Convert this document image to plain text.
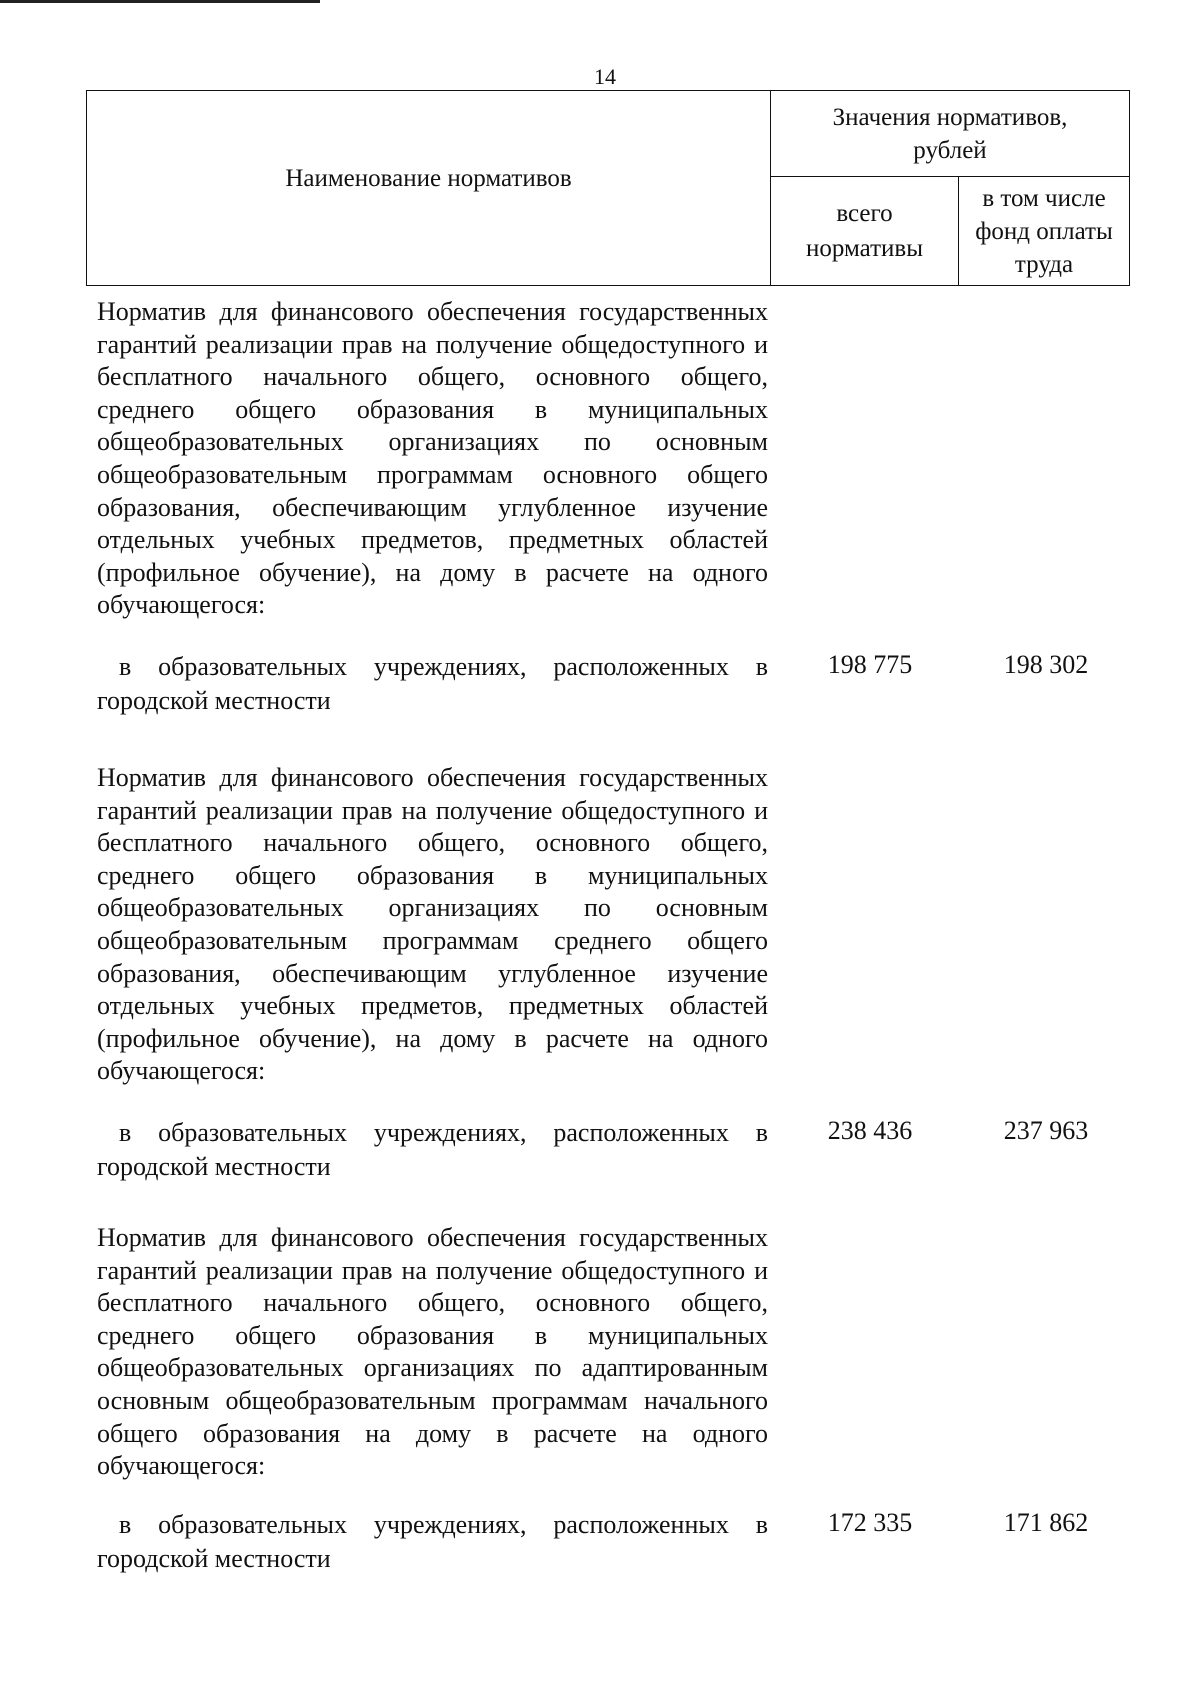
14
Наименование нормативов
Значения нормативов, рублей
всего нормативы
в том числе фонд оплаты труда
Норматив для финансового обеспечения государственных гарантий реализации прав на получение общедоступного и бесплатного начального общего, основного общего, среднего общего образования в муниципальных общеобразовательных организациях по основным общеобразовательным программам основного общего образования, обеспечивающим углубленное изучение отдельных учебных предметов, предметных областей (профильное обучение), на дому в расчете на одного обучающегося:
в образовательных учреждениях, расположенных в городской местности
198 775	198 302
Норматив для финансового обеспечения государственных гарантий реализации прав на получение общедоступного и бесплатного начального общего, основного общего, среднего общего образования в муниципальных общеобразовательных организациях по основным общеобразовательным программам среднего общего образования, обеспечивающим углубленное изучение отдельных учебных предметов, предметных областей (профильное обучение), на дому в расчете на одного обучающегося:
в образовательных учреждениях, расположенных в городской местности
238 436	237 963
Норматив для финансового обеспечения государственных гарантий реализации прав на получение общедоступного и бесплатного начального общего, основного общего, среднего общего образования в муниципальных общеобразовательных организациях по адаптированным основным общеобразовательным программам начального общего образования на дому в расчете на одного обучающегося:
в образовательных учреждениях, расположенных в городской местности
172 335	171 862
